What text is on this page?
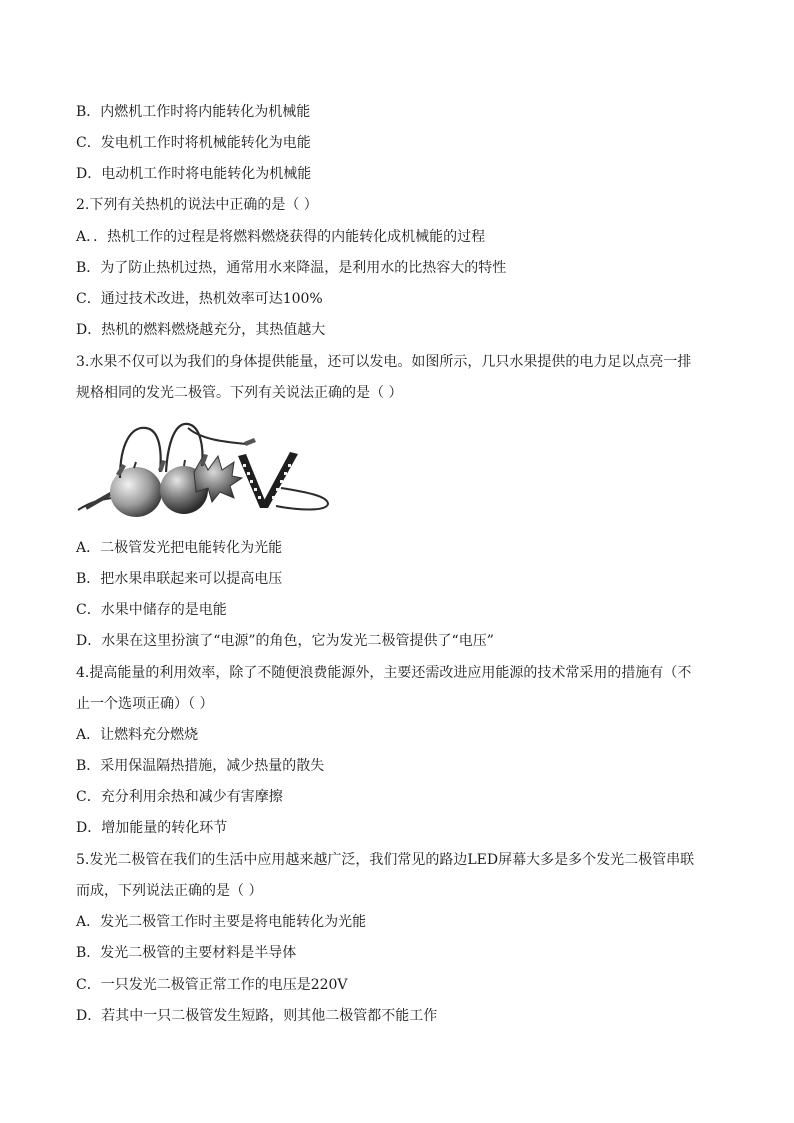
B．内燃机工作时将内能转化为机械能
C．发电机工作时将机械能转化为电能
D．电动机工作时将电能转化为机械能
2.下列有关热机的说法中正确的是（ ）
A．．热机工作的过程是将燃料燃烧获得的内能转化成机械能的过程
B．为了防止热机过热，通常用水来降温，是利用水的比热容大的特性
C．通过技术改进，热机效率可达100%
D．热机的燃料燃烧越充分，其热值越大
3.水果不仅可以为我们的身体提供能量，还可以发电。如图所示，几只水果提供的电力足以点亮一排
规格相同的发光二极管。下列有关说法正确的是（ ）
A．二极管发光把电能转化为光能
B．把水果串联起来可以提高电压
C．水果中储存的是电能
D．水果在这里扮演了“电源”的角色，它为发光二极管提供了“电压”
4.提高能量的利用效率，除了不随便浪费能源外，主要还需改进应用能源的技术常采用的措施有（不
止一个选项正确）（ ）
A．让燃料充分燃烧
B．采用保温隔热措施，减少热量的散失
C．充分利用余热和减少有害摩擦
D．增加能量的转化环节
5.发光二极管在我们的生活中应用越来越广泛，我们常见的路边LED屏幕大多是多个发光二极管串联
而成，下列说法正确的是（ ）
A．发光二极管工作时主要是将电能转化为光能
B．发光二极管的主要材料是半导体
C．一只发光二极管正常工作的电压是220V
D．若其中一只二极管发生短路，则其他二极管都不能工作
